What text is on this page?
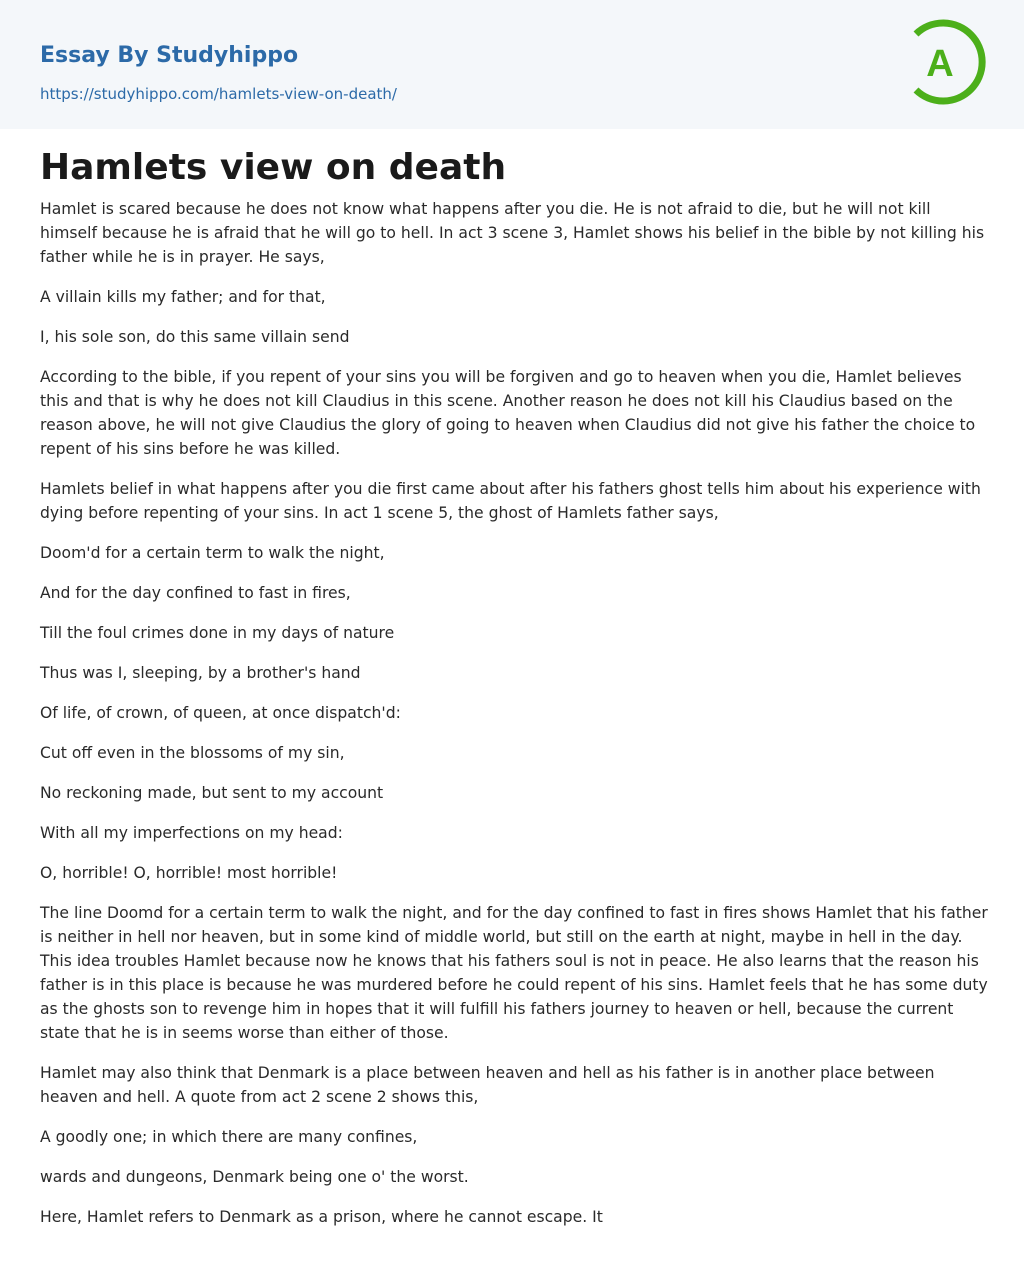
Essay By Studyhippo
https://studyhippo.com/hamlets-view-on-death/
A
Hamlets view on death

Hamlet is scared because he does not know what happens after you die. He is not afraid to die, but he will not kill himself because he is afraid that he will go to hell. In act 3 scene 3, Hamlet shows his belief in the bible by not killing his father while he is in prayer. He says,

A villain kills my father; and for that,

I, his sole son, do this same villain send

According to the bible, if you repent of your sins you will be forgiven and go to heaven when you die, Hamlet believes this and that is why he does not kill Claudius in this scene. Another reason he does not kill his Claudius based on the reason above, he will not give Claudius the glory of going to heaven when Claudius did not give his father the choice to repent of his sins before he was killed.

Hamlets belief in what happens after you die first came about after his fathers ghost tells him about his experience with dying before repenting of your sins. In act 1 scene 5, the ghost of Hamlets father says,

Doom'd for a certain term to walk the night,

And for the day confined to fast in fires,

Till the foul crimes done in my days of nature

Thus was I, sleeping, by a brother's hand

Of life, of crown, of queen, at once dispatch'd:

Cut off even in the blossoms of my sin,

No reckoning made, but sent to my account

With all my imperfections on my head:

O, horrible! O, horrible! most horrible!

The line Doomd for a certain term to walk the night, and for the day confined to fast in fires shows Hamlet that his father is neither in hell nor heaven, but in some kind of middle world, but still on the earth at night, maybe in hell in the day. This idea troubles Hamlet because now he knows that his fathers soul is not in peace. He also learns that the reason his father is in this place is because he was murdered before he could repent of his sins. Hamlet feels that he has some duty as the ghosts son to revenge him in hopes that it will fulfill his fathers journey to heaven or hell, because the current state that he is in seems worse than either of those.

Hamlet may also think that Denmark is a place between heaven and hell as his father is in another place between heaven and hell. A quote from act 2 scene 2 shows this,

A goodly one; in which there are many confines,

wards and dungeons, Denmark being one o' the worst.

Here, Hamlet refers to Denmark as a prison, where he cannot escape. It
